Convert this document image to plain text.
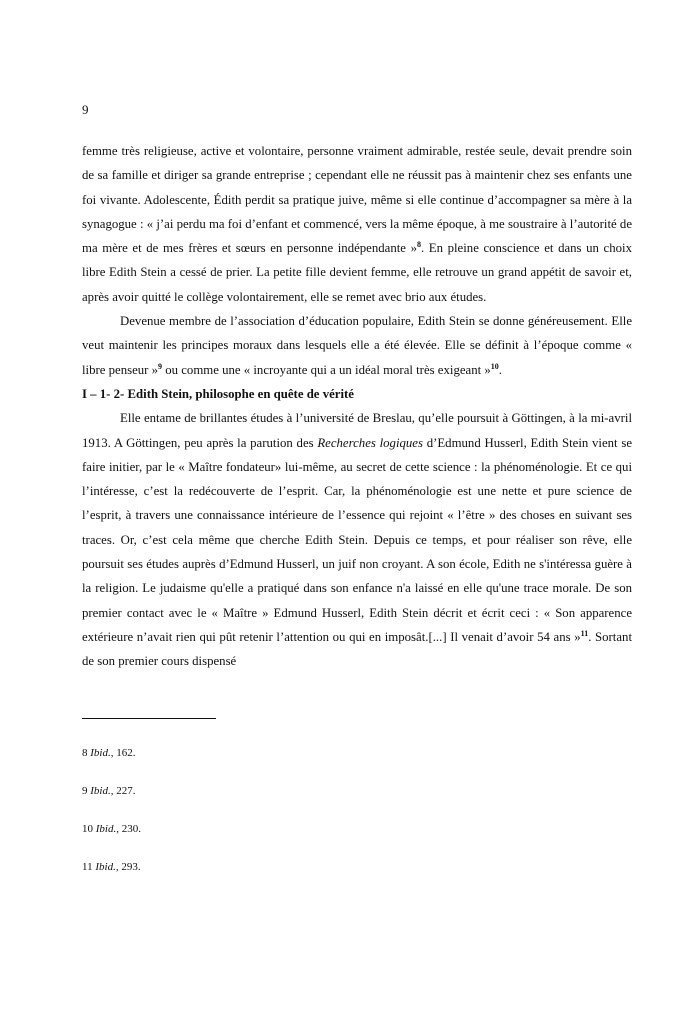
9

femme très religieuse, active et volontaire, personne vraiment admirable, restée seule, devait prendre soin de sa famille et diriger sa grande entreprise ; cependant elle ne réussit pas à maintenir chez ses enfants une foi vivante. Adolescente, Édith perdit sa pratique juive, même si elle continue d’accompagner sa mère à la synagogue : « j’ai perdu ma foi d’enfant et commencé, vers la même époque, à me soustraire à l’autorité de ma mère et de mes frères et sœurs en personne indépendante »$^8$. En pleine conscience et dans un choix libre Edith Stein a cessé de prier. La petite fille devient femme, elle retrouve un grand appétit de savoir et, après avoir quitté le collège volontairement, elle se remet avec brio aux études.

Devenue membre de l’association d’éducation populaire, Edith Stein se donne généreusement. Elle veut maintenir les principes moraux dans lesquels elle a été élevée. Elle se définit à l’époque comme « libre penseur »$^9$ ou comme une « incroyante qui a un idéal moral très exigeant »$^{10}$.

I – 1- 2- Edith Stein, philosophe en quête de vérité

Elle entame de brillantes études à l’université de Breslau, qu’elle poursuit à Göttingen, à la mi-avril 1913. A Göttingen, peu après la parution des Recherches logiques d’Edmund Husserl, Edith Stein vient se faire initier, par le « Maître fondateur» lui-même, au secret de cette science : la phénoménologie. Et ce qui l’intéresse, c’est la redécouverte de l’esprit. Car, la phénoménologie est une nette et pure science de l’esprit, à travers une connaissance intérieure de l’essence qui rejoint « l’être » des choses en suivant ses traces. Or, c’est cela même que cherche Edith Stein. Depuis ce temps, et pour réaliser son rêve, elle poursuit ses études auprès d’Edmund Husserl, un juif non croyant. A son école, Edith ne s'intéressa guère à la religion. Le judaisme qu'elle a pratiqué dans son enfance n'a laissé en elle qu'une trace morale. De son premier contact avec le « Maître » Edmund Husserl, Edith Stein décrit et écrit ceci : « Son apparence extérieure n’avait rien qui pût retenir l’attention ou qui en imposât.[...] Il venait d’avoir 54 ans »$^{11}$. Sortant de son premier cours dispensé

8 Ibid., 162.
9 Ibid., 227.
10 Ibid., 230.
11 Ibid., 293.
